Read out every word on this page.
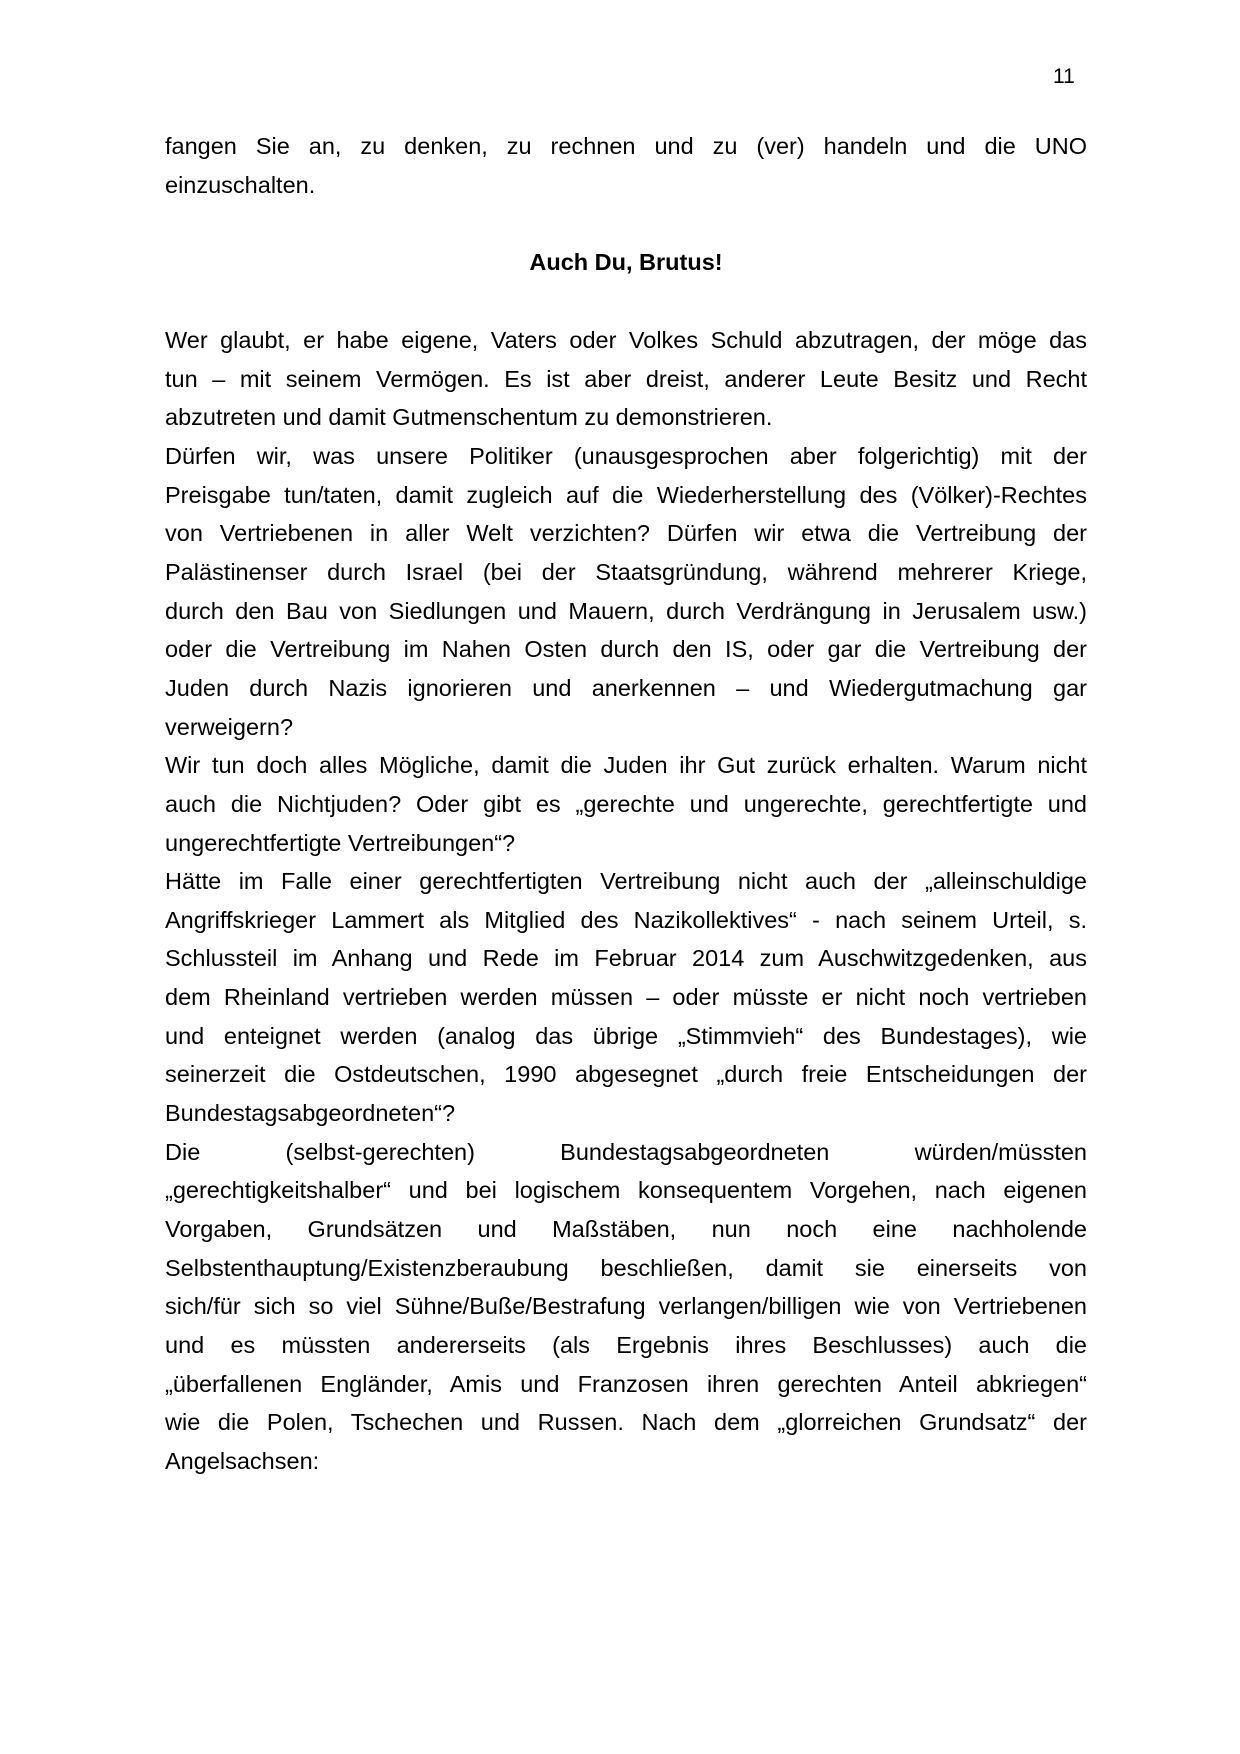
11
fangen Sie an, zu denken, zu rechnen und zu (ver) handeln und die UNO
einzuschalten.
Auch Du, Brutus!
Wer glaubt, er habe eigene, Vaters oder Volkes Schuld abzutragen, der möge das
tun – mit seinem Vermögen. Es ist aber dreist, anderer Leute Besitz und Recht
abzutreten und damit Gutmenschentum zu demonstrieren.
Dürfen wir, was unsere Politiker (unausgesprochen aber folgerichtig) mit der
Preisgabe tun/taten, damit zugleich auf die Wiederherstellung des (Völker)-Rechtes
von Vertriebenen in aller Welt verzichten? Dürfen wir etwa die Vertreibung der
Palästinenser durch Israel (bei der Staatsgründung, während mehrerer Kriege,
durch den Bau von Siedlungen und Mauern, durch Verdrängung in Jerusalem usw.)
oder die Vertreibung im Nahen Osten durch den IS, oder gar die Vertreibung der
Juden durch Nazis ignorieren und anerkennen – und Wiedergutmachung gar
verweigern?
Wir tun doch alles Mögliche, damit die Juden ihr Gut zurück erhalten. Warum nicht
auch die Nichtjuden? Oder gibt es „gerechte und ungerechte, gerechtfertigte und
ungerechtfertigte Vertreibungen“?
Hätte im Falle einer gerechtfertigten Vertreibung nicht auch der „alleinschuldige
Angriffskrieger Lammert als Mitglied des Nazikollektives“ - nach seinem Urteil, s.
Schlussteil im Anhang und Rede im Februar 2014 zum Auschwitzgedenken, aus
dem Rheinland vertrieben werden müssen – oder müsste er nicht noch vertrieben
und enteignet werden (analog das übrige „Stimmvieh“ des Bundestages), wie
seinerzeit die Ostdeutschen, 1990 abgesegnet „durch freie Entscheidungen der
Bundestagsabgeordneten“?
Die (selbst-gerechten) Bundestagsabgeordneten würden/müssten
„gerechtigkeitshalber“ und bei logischem konsequentem Vorgehen, nach eigenen
Vorgaben, Grundsätzen und Maßstäben, nun noch eine nachholende
Selbstenthauptung/Existenzberaubung beschließen, damit sie einerseits von
sich/für sich so viel Sühne/Buße/Bestrafung verlangen/billigen wie von Vertriebenen
und es müssten andererseits (als Ergebnis ihres Beschlusses) auch die
„überfallenen Engländer, Amis und Franzosen ihren gerechten Anteil abkriegen“
wie die Polen, Tschechen und Russen. Nach dem „glorreichen Grundsatz“ der
Angelsachsen:
